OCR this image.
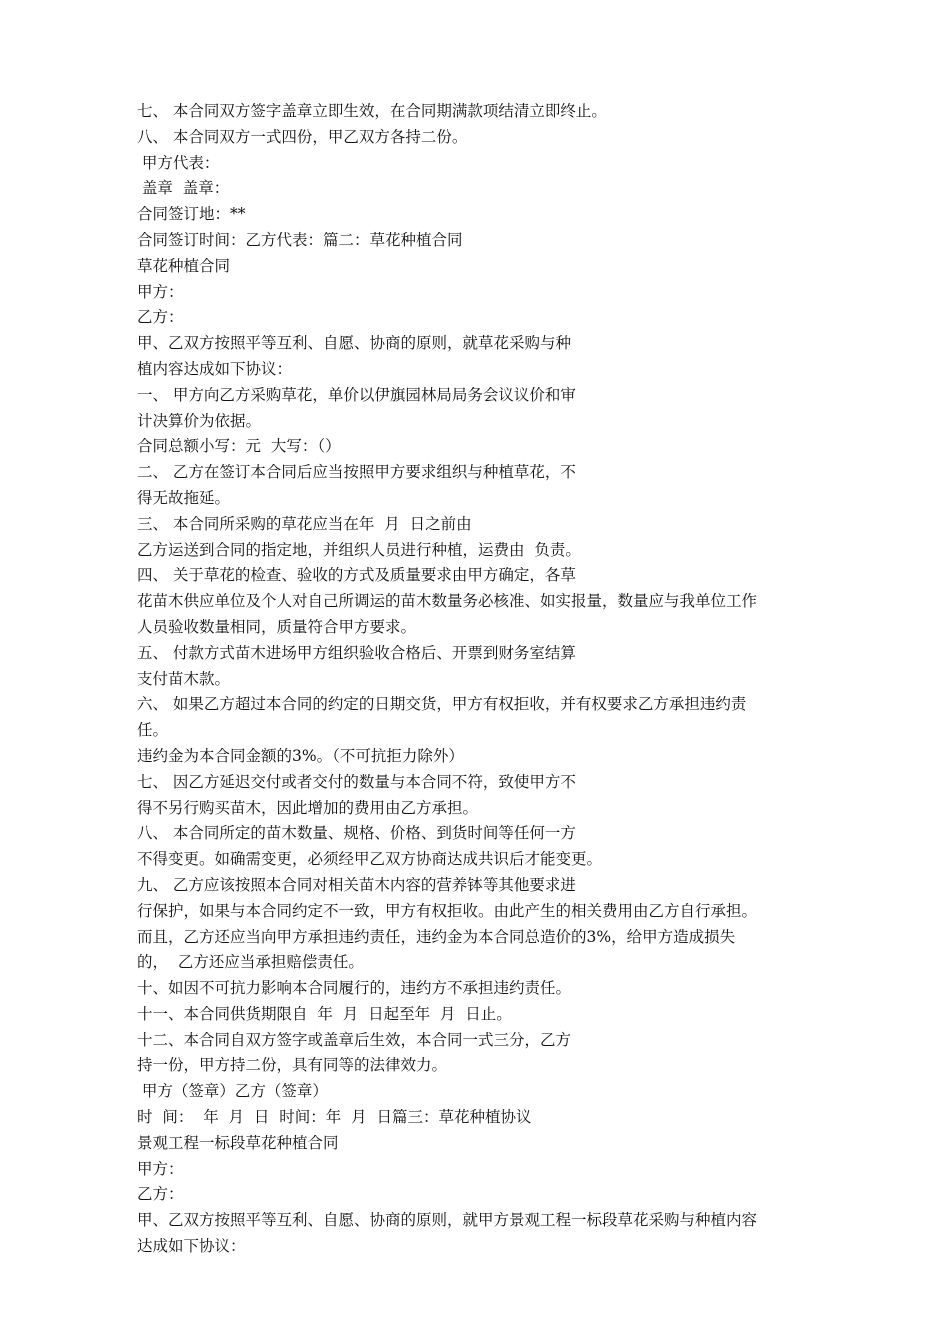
七、 本合同双方签字盖章立即生效，在合同期满款项结清立即终止。

八、 本合同双方一式四份，甲乙双方各持二份。

甲方代表：

盖章  盖章：

合同签订地：**

合同签订时间：乙方代表：篇二：草花种植合同

草花种植合同

甲方：

乙方：

甲、乙双方按照平等互利、自愿、协商的原则，就草花采购与种

植内容达成如下协议：

一、 甲方向乙方采购草花，单价以伊旗园林局局务会议议价和审

计决算价为依据。

合同总额小写：元  大写：（）

二、 乙方在签订本合同后应当按照甲方要求组织与种植草花，不

得无故拖延。

三、 本合同所采购的草花应当在年  月  日之前由

乙方运送到合同的指定地，并组织人员进行种植，运费由  负责。

四、 关于草花的检查、验收的方式及质量要求由甲方确定，各草

花苗木供应单位及个人对自己所调运的苗木数量务必核准、如实报量，数量应与我单位工作

人员验收数量相同，质量符合甲方要求。

五、 付款方式苗木进场甲方组织验收合格后、开票到财务室结算

支付苗木款。

六、 如果乙方超过本合同的约定的日期交货，甲方有权拒收，并有权要求乙方承担违约责

任。

违约金为本合同金额的3%。（不可抗拒力除外）

七、 因乙方延迟交付或者交付的数量与本合同不符，致使甲方不

得不另行购买苗木，因此增加的费用由乙方承担。

八、 本合同所定的苗木数量、规格、价格、到货时间等任何一方

不得变更。如确需变更，必须经甲乙双方协商达成共识后才能变更。

九、 乙方应该按照本合同对相关苗木内容的营养钵等其他要求进

行保护，如果与本合同约定不一致，甲方有权拒收。由此产生的相关费用由乙方自行承担。

而且，乙方还应当向甲方承担违约责任，违约金为本合同总造价的3%，给甲方造成损失

的，  乙方还应当承担赔偿责任。

十、如因不可抗力影响本合同履行的，违约方不承担违约责任。

十一、本合同供货期限自  年  月  日起至年  月  日止。

十二、本合同自双方签字或盖章后生效，本合同一式三分，乙方

持一份，甲方持二份，具有同等的法律效力。

甲方（签章）乙方（签章）

时  间：  年  月  日  时间：年  月  日篇三：草花种植协议

景观工程一标段草花种植合同

甲方：

乙方：

甲、乙双方按照平等互利、自愿、协商的原则，就甲方景观工程一标段草花采购与种植内容

达成如下协议：
